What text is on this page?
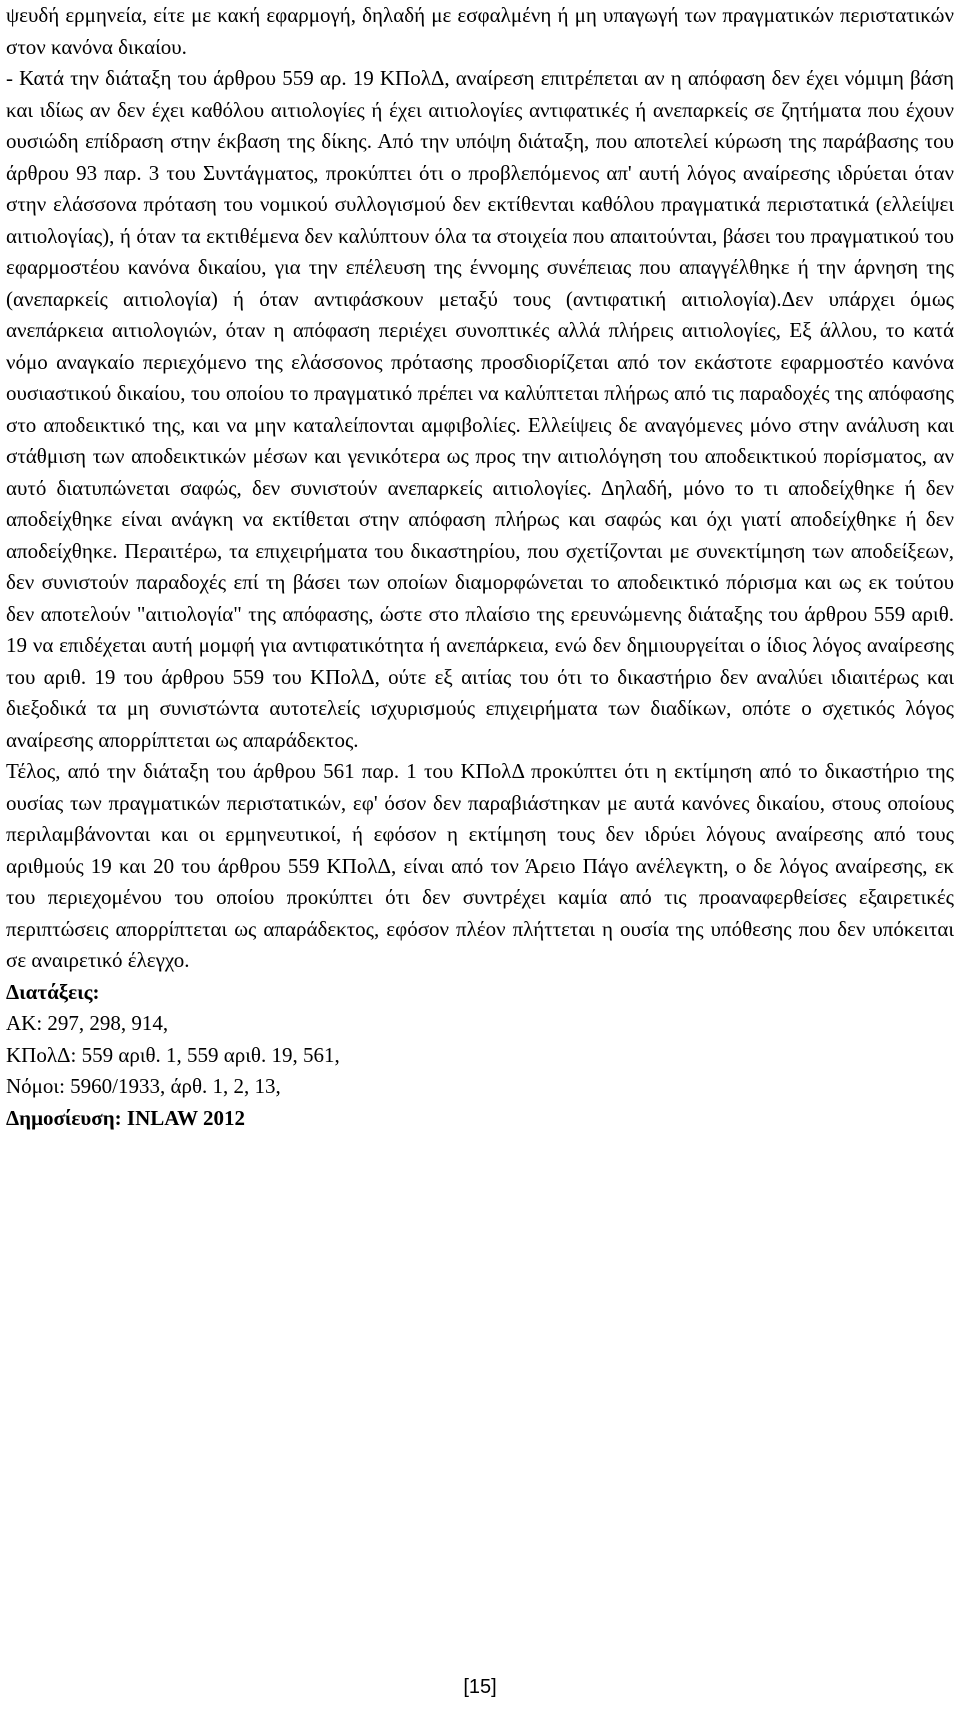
ψευδή ερμηνεία, είτε με κακή εφαρμογή, δηλαδή με εσφαλμένη ή μη υπαγωγή των πραγματικών περιστατικών στον κανόνα δικαίου.

- Κατά την διάταξη του άρθρου 559 αρ. 19 ΚΠολΔ, αναίρεση επιτρέπεται αν η απόφαση δεν έχει νόμιμη βάση και ιδίως αν δεν έχει καθόλου αιτιολογίες ή έχει αιτιολογίες αντιφατικές ή ανεπαρκείς σε ζητήματα που έχουν ουσιώδη επίδραση στην έκβαση της δίκης. Από την υπόψη διάταξη, που αποτελεί κύρωση της παράβασης του άρθρου 93 παρ. 3 του Συντάγματος, προκύπτει ότι ο προβλεπόμενος απ' αυτή λόγος αναίρεσης ιδρύεται όταν στην ελάσσονα πρόταση του νομικού συλλογισμού δεν εκτίθενται καθόλου πραγματικά περιστατικά (ελλείψει αιτιολογίας), ή όταν τα εκτιθέμενα δεν καλύπτουν όλα τα στοιχεία που απαιτούνται, βάσει του πραγματικού του εφαρμοστέου κανόνα δικαίου, για την επέλευση της έννομης συνέπειας που απαγγέλθηκε ή την άρνηση της (ανεπαρκείς αιτιολογία) ή όταν αντιφάσκουν μεταξύ τους (αντιφατική αιτιολογία).Δεν υπάρχει όμως ανεπάρκεια αιτιολογιών, όταν η απόφαση περιέχει συνοπτικές αλλά πλήρεις αιτιολογίες, Εξ άλλου, το κατά νόμο αναγκαίο περιεχόμενο της ελάσσονος πρότασης προσδιορίζεται από τον εκάστοτε εφαρμοστέο κανόνα ουσιαστικού δικαίου, του οποίου το πραγματικό πρέπει να καλύπτεται πλήρως από τις παραδοχές της απόφασης στο αποδεικτικό της, και να μην καταλείπονται αμφιβολίες. Ελλείψεις δε αναγόμενες μόνο στην ανάλυση και στάθμιση των αποδεικτικών μέσων και γενικότερα ως προς την αιτιολόγηση του αποδεικτικού πορίσματος, αν αυτό διατυπώνεται σαφώς, δεν συνιστούν ανεπαρκείς αιτιολογίες. Δηλαδή, μόνο το τι αποδείχθηκε ή δεν αποδείχθηκε είναι ανάγκη να εκτίθεται στην απόφαση πλήρως και σαφώς και όχι γιατί αποδείχθηκε ή δεν αποδείχθηκε. Περαιτέρω, τα επιχειρήματα του δικαστηρίου, που σχετίζονται με συνεκτίμηση των αποδείξεων, δεν συνιστούν παραδοχές επί τη βάσει των οποίων διαμορφώνεται το αποδεικτικό πόρισμα και ως εκ τούτου δεν αποτελούν "αιτιολογία" της απόφασης, ώστε στο πλαίσιο της ερευνώμενης διάταξης του άρθρου 559 αριθ. 19 να επιδέχεται αυτή μομφή για αντιφατικότητα ή ανεπάρκεια, ενώ δεν δημιουργείται ο ίδιος λόγος αναίρεσης του αριθ. 19 του άρθρου 559 του ΚΠολΔ, ούτε εξ αιτίας του ότι το δικαστήριο δεν αναλύει ιδιαιτέρως και διεξοδικά τα μη συνιστώντα αυτοτελείς ισχυρισμούς επιχειρήματα των διαδίκων, οπότε ο σχετικός λόγος αναίρεσης απορρίπτεται ως απαράδεκτος.

Τέλος, από την διάταξη του άρθρου 561 παρ. 1 του ΚΠολΔ προκύπτει ότι η εκτίμηση από το δικαστήριο της ουσίας των πραγματικών περιστατικών, εφ' όσον δεν παραβιάστηκαν με αυτά κανόνες δικαίου, στους οποίους περιλαμβάνονται και οι ερμηνευτικοί, ή εφόσον η εκτίμηση τους δεν ιδρύει λόγους αναίρεσης από τους αριθμούς 19 και 20 του άρθρου 559 ΚΠολΔ, είναι από τον Άρειο Πάγο ανέλεγκτη, ο δε λόγος αναίρεσης, εκ του περιεχομένου του οποίου προκύπτει ότι δεν συντρέχει καμία από τις προαναφερθείσες εξαιρετικές περιπτώσεις απορρίπτεται ως απαράδεκτος, εφόσον πλέον πλήττεται η ουσία της υπόθεσης που δεν υπόκειται σε αναιρετικό έλεγχο.

Διατάξεις:

ΑΚ: 297, 298, 914,

ΚΠολΔ: 559 αριθ. 1, 559 αριθ. 19, 561,

Νόμοι: 5960/1933, άρθ. 1, 2, 13,

Δημοσίευση: INLAW 2012

[15]
